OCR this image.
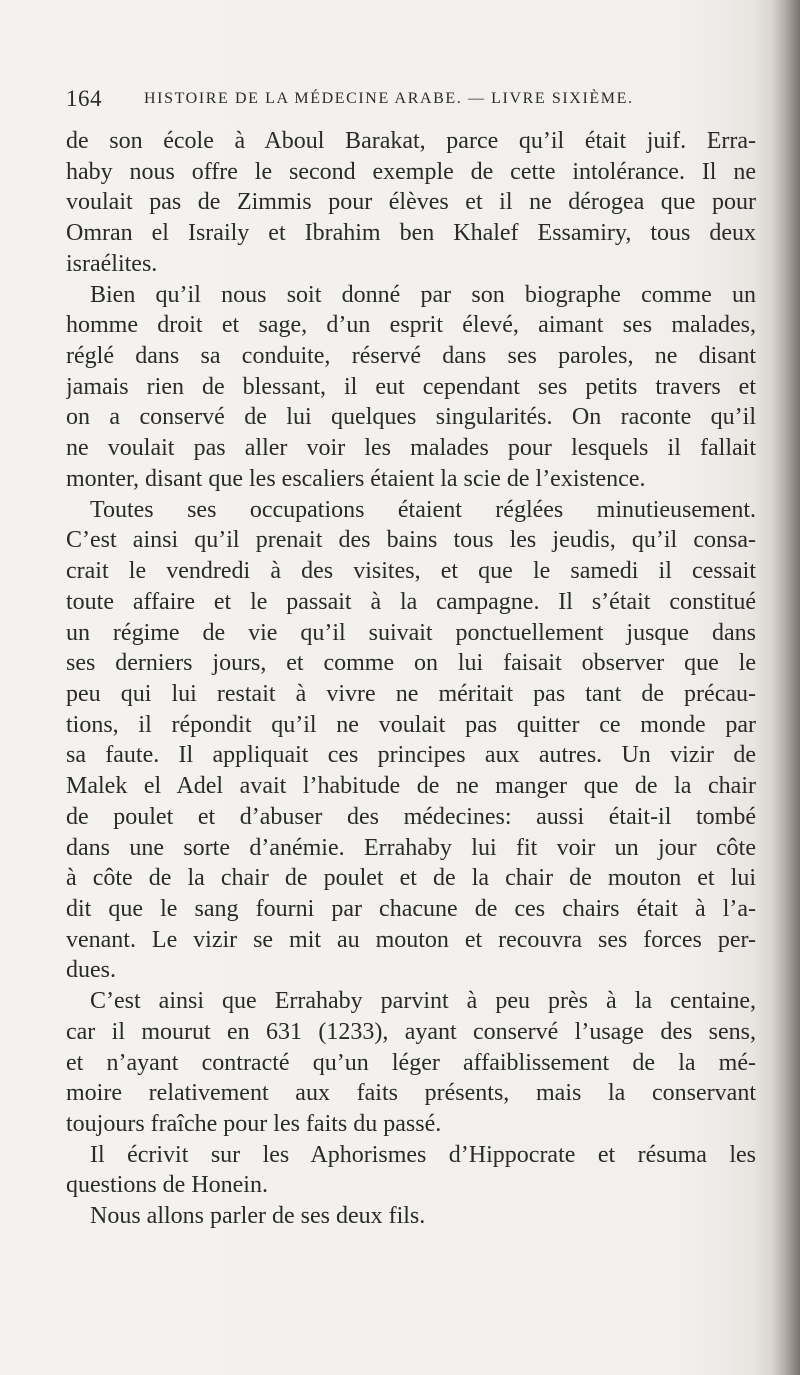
164	HISTOIRE DE LA MÉDECINE ARABE. — LIVRE SIXIÈME.
de son école à Aboul Barakat, parce qu’il était juif. Erra-
haby nous offre le second exemple de cette intolérance. Il ne
voulait pas de Zimmis pour élèves et il ne dérogea que pour
Omran el Israily et Ibrahim ben Khalef Essamiry, tous deux
israélites.
Bien qu’il nous soit donné par son biographe comme un
homme droit et sage, d’un esprit élevé, aimant ses malades,
réglé dans sa conduite, réservé dans ses paroles, ne disant
jamais rien de blessant, il eut cependant ses petits travers et
on a conservé de lui quelques singularités. On raconte qu’il
ne voulait pas aller voir les malades pour lesquels il fallait
monter, disant que les escaliers étaient la scie de l’existence.
Toutes ses occupations étaient réglées minutieusement.
C’est ainsi qu’il prenait des bains tous les jeudis, qu’il consa-
crait le vendredi à des visites, et que le samedi il cessait
toute affaire et le passait à la campagne. Il s’était constitué
un régime de vie qu’il suivait ponctuellement jusque dans
ses derniers jours, et comme on lui faisait observer que le
peu qui lui restait à vivre ne méritait pas tant de précau-
tions, il répondit qu’il ne voulait pas quitter ce monde par
sa faute. Il appliquait ces principes aux autres. Un vizir de
Malek el Adel avait l’habitude de ne manger que de la chair
de poulet et d’abuser des médecines: aussi était-il tombé
dans une sorte d’anémie. Errahaby lui fit voir un jour côte
à côte de la chair de poulet et de la chair de mouton et lui
dit que le sang fourni par chacune de ces chairs était à l’a-
venant. Le vizir se mit au mouton et recouvra ses forces per-
dues.
C’est ainsi que Errahaby parvint à peu près à la centaine,
car il mourut en 631 (1233), ayant conservé l’usage des sens,
et n’ayant contracté qu’un léger affaiblissement de la mé-
moire relativement aux faits présents, mais la conservant
toujours fraîche pour les faits du passé.
Il écrivit sur les Aphorismes d’Hippocrate et résuma les
questions de Honein.
Nous allons parler de ses deux fils.
